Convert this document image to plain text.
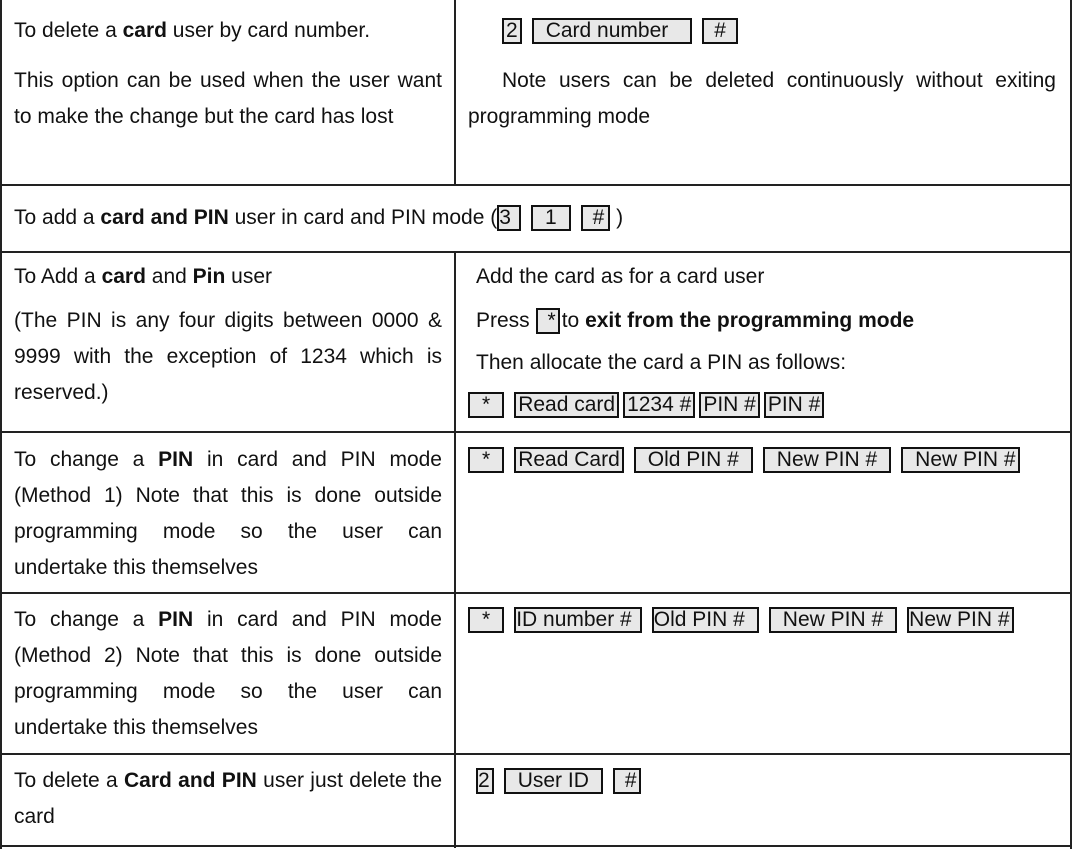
To delete a card user by card number.

This option can be used when the user want to make the change but the card has lost

2 Card number #

Note users can be deleted continuously without exiting programming mode

To add a card and PIN user in card and PIN mode (3 1 # )

To Add a card and Pin user

(The PIN is any four digits between 0000 & 9999 with the exception of 1234 which is reserved.)

Add the card as for a card user

Press * to exit from the programming mode

Then allocate the card a PIN as follows:

* Read card 1234 # PIN # PIN #

To change a PIN in card and PIN mode (Method 1) Note that this is done outside programming mode so the user can undertake this themselves

* Read Card Old PIN # New PIN # New PIN #

To change a PIN in card and PIN mode (Method 2) Note that this is done outside programming mode so the user can undertake this themselves

* ID number # Old PIN # New PIN # New PIN #

To delete a Card and PIN user just delete the card

2 User ID #
